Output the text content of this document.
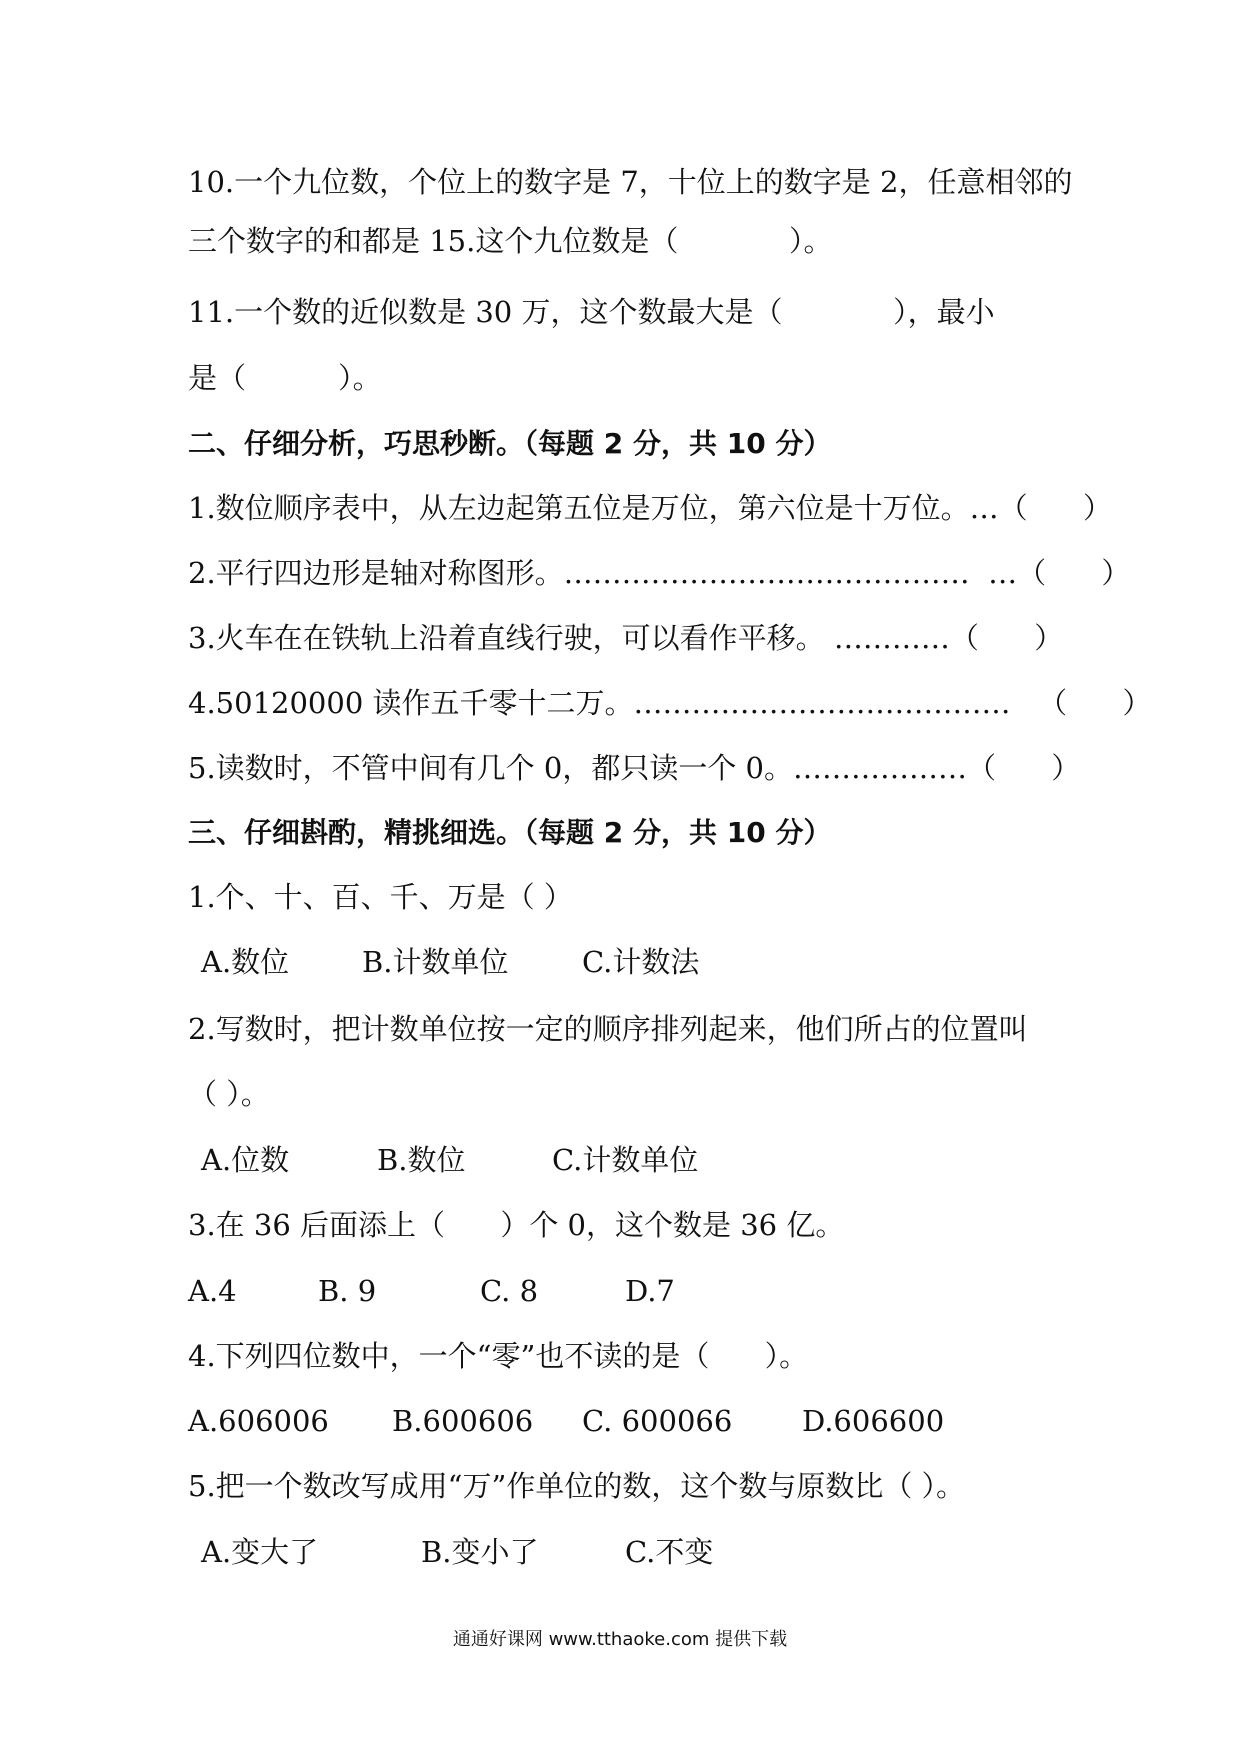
10.一个九位数，个位上的数字是 7，十位上的数字是 2，任意相邻的
三个数字的和都是 15.这个九位数是（            ）。
11.一个数的近似数是 30 万，这个数最大是（            ），最小
是（          ）。
二、仔细分析，巧思秒断。（每题 2 分，共 10 分）
1.数位顺序表中，从左边起第五位是万位，第六位是十万位。…（      ）
2.平行四边形是轴对称图形。……………………………………  …（      ）
3.火车在在铁轨上沿着直线行驶，可以看作平移。 …………（      ）
4.50120000 读作五千零十二万。…………………………………   （      ）
5.读数时，不管中间有几个 0，都只读一个 0。………………（      ）
三、仔细斟酌，精挑细选。（每题 2 分，共 10 分）
1.个、十、百、千、万是（ ）
A.数位	B.计数单位	C.计数法
2.写数时，把计数单位按一定的顺序排列起来，他们所占的位置叫
（ ）。
A.位数	B.数位	C.计数单位
3.在 36 后面添上（      ）个 0，这个数是 36 亿。
A.4	B. 9	C. 8	D.7
4.下列四位数中，一个“零”也不读的是（      ）。
A.606006 B.600606 C. 600066 D.606600
5.把一个数改写成用“万”作单位的数，这个数与原数比（ ）。
A.变大了	B.变小了	C.不变
通通好课网 www.tthaoke.com 提供下载
